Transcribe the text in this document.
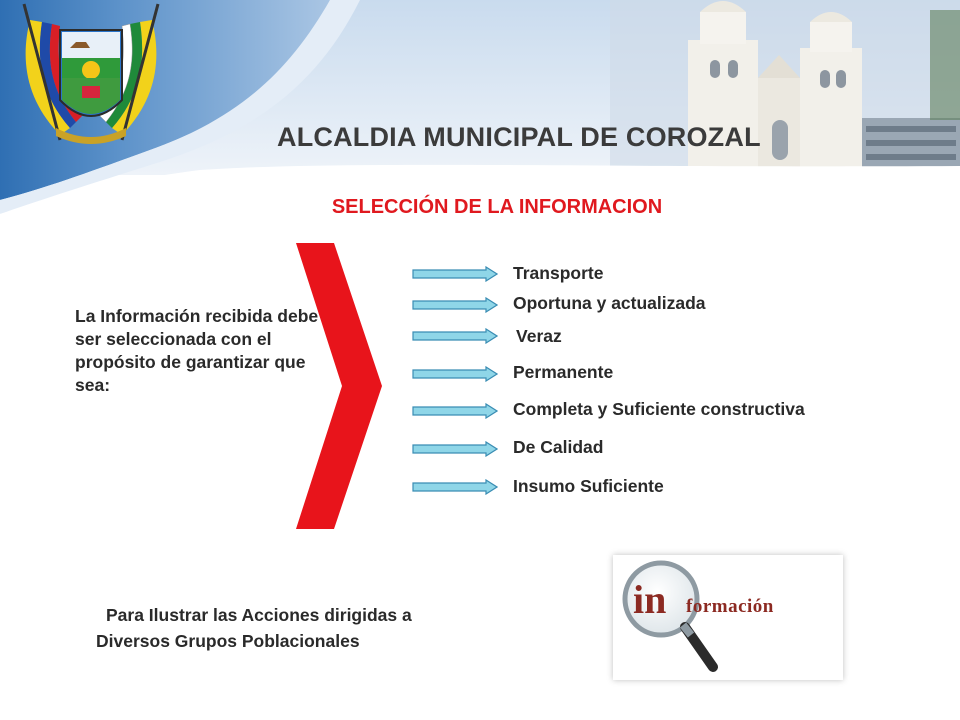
ALCALDIA MUNICIPAL DE COROZAL
SELECCIÓN DE LA INFORMACION
La Información recibida debe ser seleccionada con el propósito de garantizar que sea:
Transporte
Oportuna y actualizada
Veraz
Permanente
Completa y Suficiente constructiva
De Calidad
Insumo Suficiente
Para Ilustrar las Acciones dirigidas a
Diversos Grupos Poblacionales
in formación
